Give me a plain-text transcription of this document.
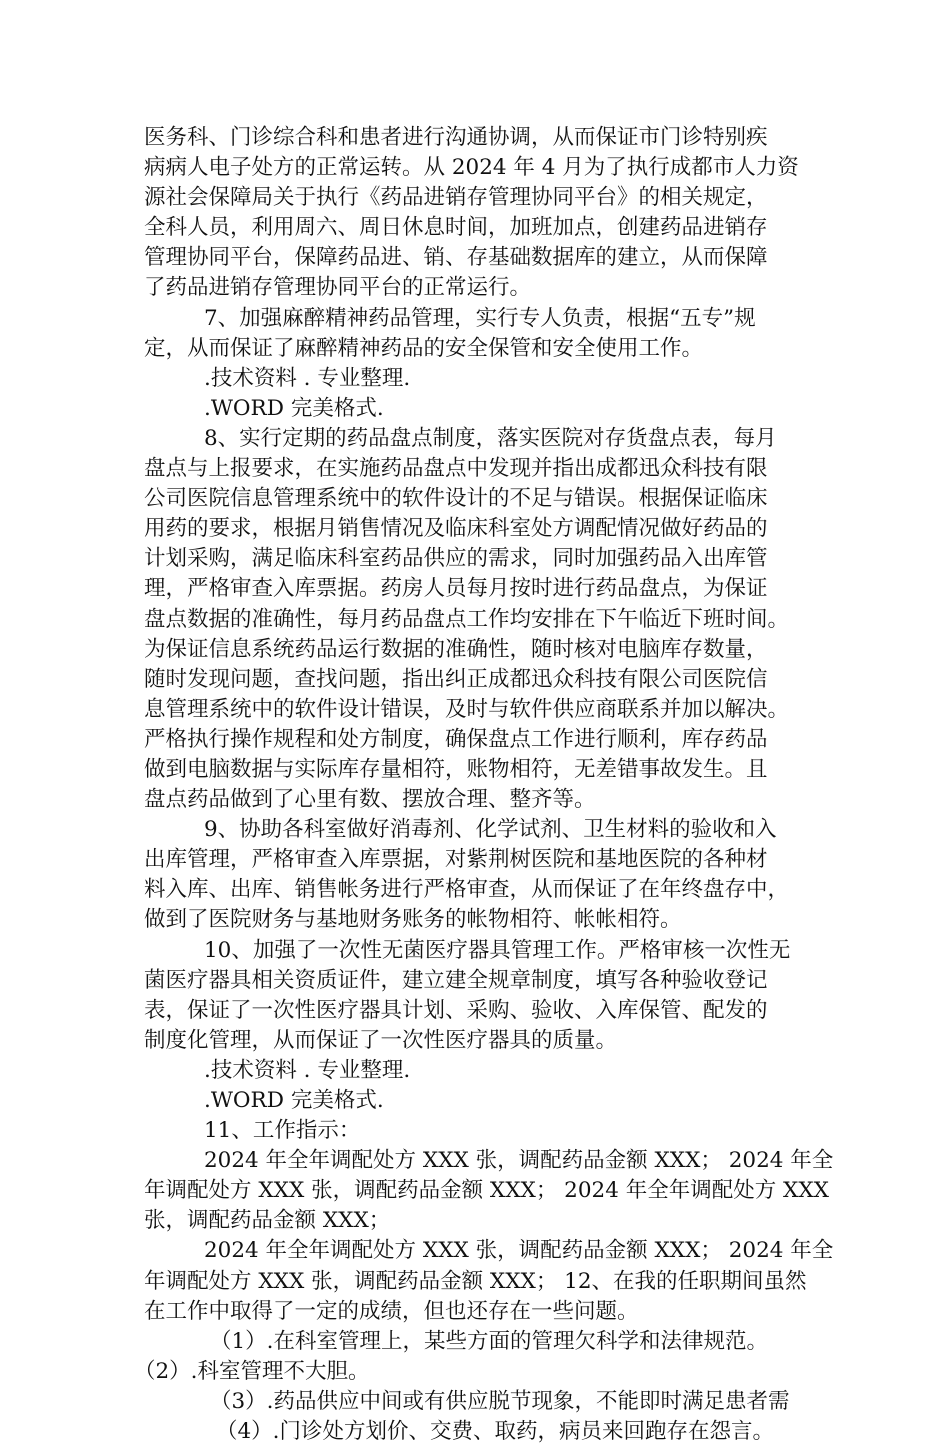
医务科、门诊综合科和患者进行沟通协调，从而保证市门诊特别疾
病病人电子处方的正常运转。从 2024 年 4 月为了执行成都市人力资
源社会保障局关于执行《药品进销存管理协同平台》的相关规定，
全科人员，利用周六、周日休息时间，加班加点，创建药品进销存
管理协同平台，保障药品进、销、存基础数据库的建立，从而保障
了药品进销存管理协同平台的正常运行。
7、加强麻醉精神药品管理，实行专人负责，根据“五专”规
定，从而保证了麻醉精神药品的安全保管和安全使用工作。
.技术资料 . 专业整理.
.WORD 完美格式.
8、实行定期的药品盘点制度，落实医院对存货盘点表，每月
盘点与上报要求，在实施药品盘点中发现并指出成都迅众科技有限
公司医院信息管理系统中的软件设计的不足与错误。根据保证临床
用药的要求，根据月销售情况及临床科室处方调配情况做好药品的
计划采购，满足临床科室药品供应的需求，同时加强药品入出库管
理，严格审查入库票据。药房人员每月按时进行药品盘点，为保证
盘点数据的准确性，每月药品盘点工作均安排在下午临近下班时间。
为保证信息系统药品运行数据的准确性，随时核对电脑库存数量，
随时发现问题，查找问题，指出纠正成都迅众科技有限公司医院信
息管理系统中的软件设计错误，及时与软件供应商联系并加以解决。
严格执行操作规程和处方制度，确保盘点工作进行顺利，库存药品
做到电脑数据与实际库存量相符，账物相符，无差错事故发生。且
盘点药品做到了心里有数、摆放合理、整齐等。
9、协助各科室做好消毒剂、化学试剂、卫生材料的验收和入
出库管理，严格审查入库票据，对紫荆树医院和基地医院的各种材
料入库、出库、销售帐务进行严格审查，从而保证了在年终盘存中，
做到了医院财务与基地财务账务的帐物相符、帐帐相符。
10、加强了一次性无菌医疗器具管理工作。严格审核一次性无
菌医疗器具相关资质证件，建立建全规章制度，填写各种验收登记
表，保证了一次性医疗器具计划、采购、验收、入库保管、配发的
制度化管理，从而保证了一次性医疗器具的质量。
.技术资料 . 专业整理.
.WORD 完美格式.
11、工作指示：
2024 年全年调配处方 XXX 张，调配药品金额 XXX； 2024 年全
年调配处方 XXX 张，调配药品金额 XXX； 2024 年全年调配处方 XXX
张，调配药品金额 XXX；
2024 年全年调配处方 XXX 张，调配药品金额 XXX； 2024 年全
年调配处方 XXX 张，调配药品金额 XXX； 12、在我的任职期间虽然
在工作中取得了一定的成绩，但也还存在一些问题。
（1）.在科室管理上，某些方面的管理欠科学和法律规范。
（2）.科室管理不大胆。
（3）.药品供应中间或有供应脱节现象，不能即时满足患者需
（4）.门诊处方划价、交费、取药，病员来回跑存在怨言。
